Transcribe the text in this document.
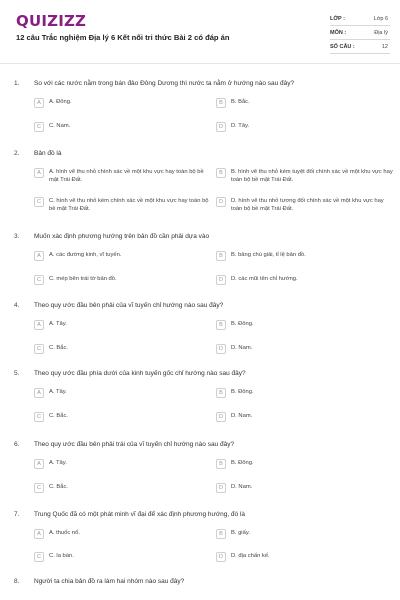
QUIZIZZ
12 câu Trắc nghiệm Địa lý 6 Kết nối tri thức Bài 2 có đáp án
LỚP :	Lớp 6
MÔN :	Địa lý
SỐ CÂU :	12
1. So với các nước nằm trong bán đảo Đông Dương thì nước ta nằm ở hướng nào sau đây?
A	A. Đông.	B	B. Bắc.
C	C. Nam.	D	D. Tây.
2. Bản đồ là
A	A. hình vẽ thu nhỏ chính xác về một khu vực hay toàn bộ bề mặt Trái Đất.
B	B. hình vẽ thu nhỏ kém tuyệt đối chính xác về một khu vực hay toàn bộ bề mặt Trái Đất.
C	C. hình vẽ thu nhỏ kém chính xác về một khu vực hay toàn bộ bề mặt Trái Đất.
D	D. hình vẽ thu nhỏ tương đối chính xác về một khu vực hay toàn bộ bề mặt Trái Đất.
3. Muốn xác định phương hướng trên bản đồ cần phải dựa vào
A	A. các đường kinh, vĩ tuyến.	B	B. bảng chú giải, tỉ lệ bản đồ.
C	C. mép bên trái tờ bản đồ.	D	D. các mũi tên chỉ hướng.
4. Theo quy ước đầu bên phải của vĩ tuyến chỉ hướng nào sau đây?
A	A. Tây.	B	B. Đông.
C	C. Bắc.	D	D. Nam.
5. Theo quy ước đầu phía dưới của kinh tuyến gốc chỉ hướng nào sau đây?
A	A. Tây.	B	B. Đông.
C	C. Bắc.	D	D. Nam.
6. Theo quy ước đầu bên phải trái của vĩ tuyến chỉ hướng nào sau đây?
A	A. Tây.	B	B. Đông.
C	C. Bắc.	D	D. Nam.
7. Trung Quốc đã có một phát minh vĩ đại để xác định phương hướng, đó là
A	A. thuốc nổ.	B	B. giấy.
C	C. la bàn.	D	D. địa chấn kế.
8. Người ta chia bản đồ ra làm hai nhóm nào sau đây?
